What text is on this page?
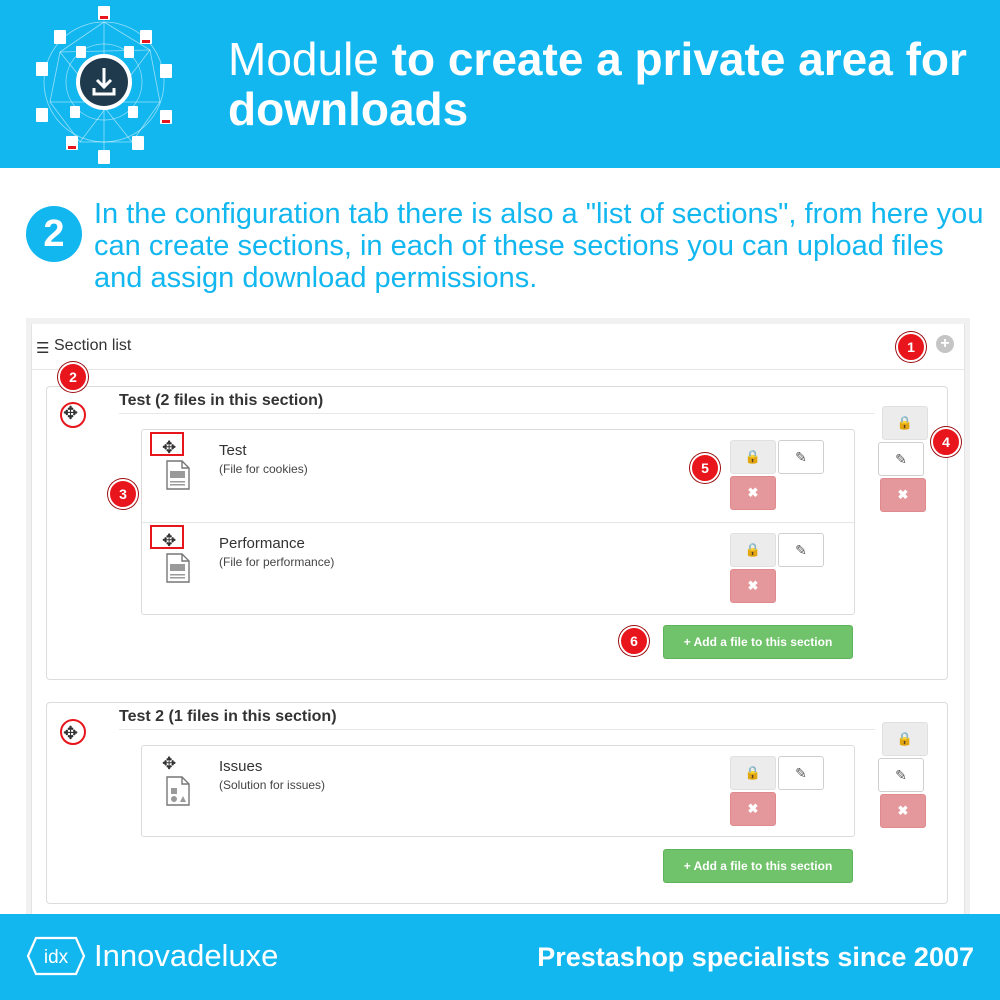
Module to create a private area for downloads
2	In the configuration tab there is also a "list of sections", from here you can create sections, in each of these sections you can upload files and assign download permissions.
☰ Section list	+
✥
Test (2 files in this section)
✥	Test
(File for cookies)
🔒	✎
✖
✥	Performance
(File for performance)
🔒	✎
✖
+ Add a file to this section
🔒
✎
✖
✥
Test 2 (1 files in this section)
✥	Issues
(Solution for issues)
🔒	✎
✖
+ Add a file to this section
🔒
✎
✖
1
2
3
4
5
6
idx Innovadeluxe	Prestashop specialists since 2007
